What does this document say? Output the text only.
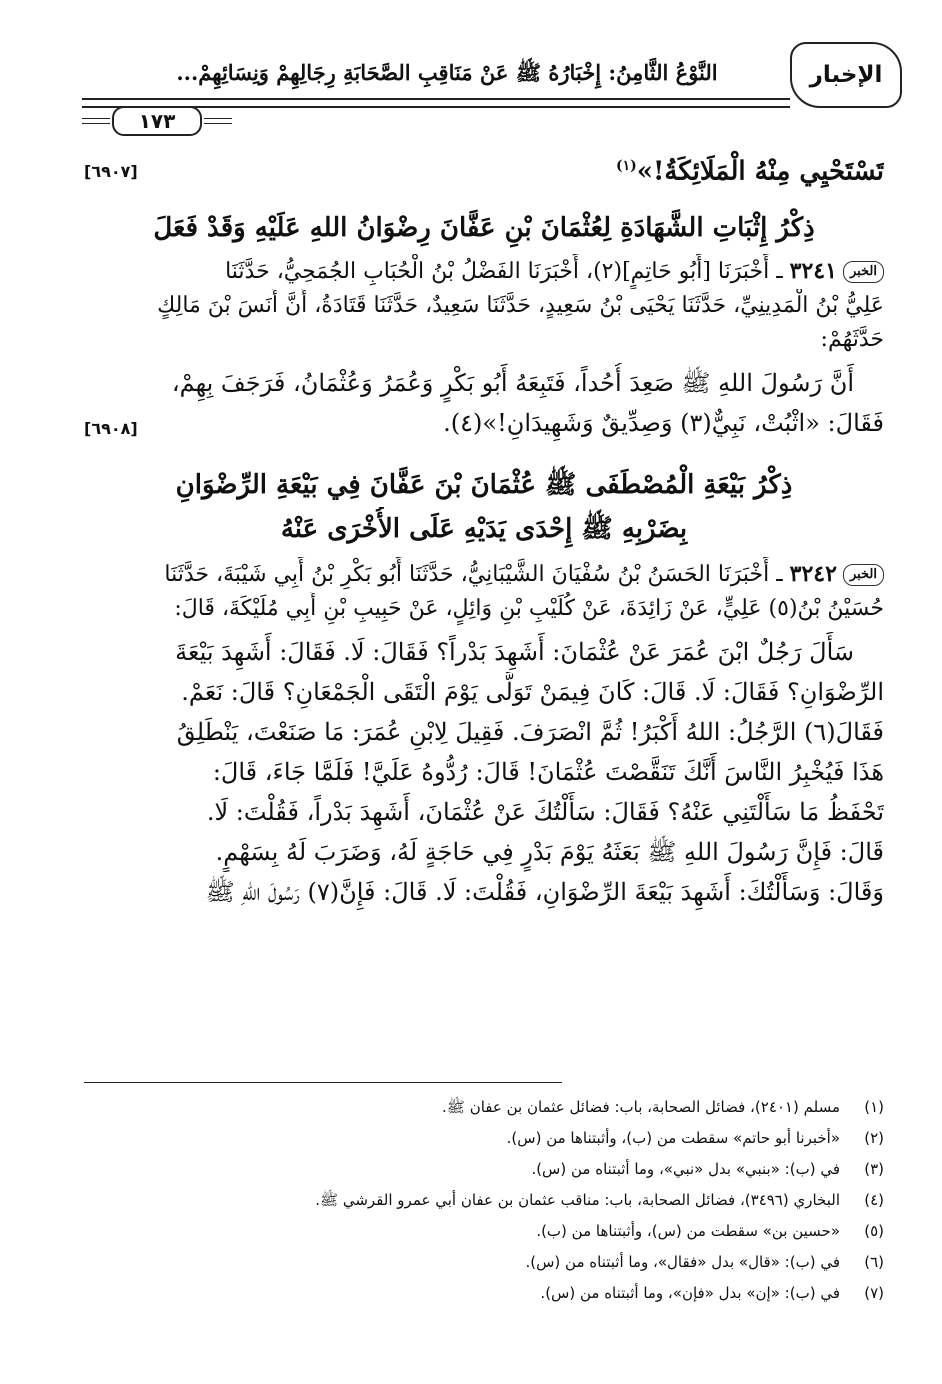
الإخبار
النَّوْعُ الثَّامِنُ: إِخْبَارُهُ ﷺ عَنْ مَنَاقِبِ الصَّحَابَةِ رِجَالِهِمْ وَنِسَائِهِمْ...
١٧٣
[٦٩٠٧]	تَسْتَحْيِي مِنْهُ الْمَلَائِكَةُ!»$^{(١)}$
ذِكْرُ إِثْبَاتِ الشَّهَادَةِ لِعُثْمَانَ بْنِ عَفَّانَ رِضْوَانُ اللهِ عَلَيْهِ وَقَدْ فَعَلَ
الخبر٣٢٤١ ـ أَخْبَرَنَا [أَبُو حَاتِمٍ](٢)، أَخْبَرَنَا الفَضْلُ بْنُ الْحُبَابِ الجُمَحِيُّ، حَدَّثَنَا
عَلِيُّ بْنُ الْمَدِينِيِّ، حَدَّثَنَا يَحْيَى بْنُ سَعِيدٍ، حَدَّثَنَا سَعِيدٌ، حَدَّثَنَا قَتَادَةُ، أَنَّ أَنَسَ بْنَ مَالِكٍ
حَدَّثَهُمْ:
أَنَّ رَسُولَ اللهِ ﷺ صَعِدَ أُحُداً، فَتَبِعَهُ أَبُو بَكْرٍ وَعُمَرُ وَعُثْمَانُ، فَرَجَفَ بِهِمْ،
[٦٩٠٨]	فَقَالَ: «اثْبُتْ، نَبِيٌّ(٣) وَصِدِّيقٌ وَشَهِيدَانِ!»(٤).
ذِكْرُ بَيْعَةِ الْمُصْطَفَى ﷺ عُثْمَانَ بْنَ عَفَّانَ فِي بَيْعَةِ الرِّضْوَانِ
بِضَرْبِهِ ﷺ إِحْدَى يَدَيْهِ عَلَى الأُخْرَى عَنْهُ
الخبر٣٢٤٢ ـ أَخْبَرَنَا الحَسَنُ بْنُ سُفْيَانَ الشَّيْبَانِيُّ، حَدَّثَنَا أَبُو بَكْرِ بْنُ أَبِي شَيْبَةَ، حَدَّثَنَا
حُسَيْنُ بْنُ(٥) عَلِيٍّ، عَنْ زَائِدَةَ، عَنْ كُلَيْبِ بْنِ وَائِلٍ، عَنْ حَبِيبِ بْنِ أَبِي مُلَيْكَةَ، قَالَ:
سَأَلَ رَجُلٌ ابْنَ عُمَرَ عَنْ عُثْمَانَ: أَشَهِدَ بَدْراً؟ فَقَالَ: لَا. فَقَالَ: أَشَهِدَ بَيْعَةَ
الرِّضْوَانِ؟ فَقَالَ: لَا. قَالَ: كَانَ فِيمَنْ تَوَلَّى يَوْمَ الْتَقَى الْجَمْعَانِ؟ قَالَ: نَعَمْ.
فَقَالَ(٦) الرَّجُلُ: اللهُ أَكْبَرُ! ثُمَّ انْصَرَفَ. فَقِيلَ لِابْنِ عُمَرَ: مَا صَنَعْتَ، يَنْطَلِقُ
هَذَا فَيُخْبِرُ النَّاسَ أَنَّكَ تَنَقَّصْتَ عُثْمَانَ! قَالَ: رُدُّوهُ عَلَيَّ! فَلَمَّا جَاءَ، قَالَ:
تَحْفَظُ مَا سَأَلْتَنِي عَنْهُ؟ فَقَالَ: سَأَلْتُكَ عَنْ عُثْمَانَ، أَشَهِدَ بَدْراً، فَقُلْتَ: لَا.
قَالَ: فَإِنَّ رَسُولَ اللهِ ﷺ بَعَثَهُ يَوْمَ بَدْرٍ فِي حَاجَةٍ لَهُ، وَضَرَبَ لَهُ بِسَهْمٍ.
وَقَالَ: وَسَأَلْتُكَ: أَشَهِدَ بَيْعَةَ الرِّضْوَانِ، فَقُلْتَ: لَا. قَالَ: فَإِنَّ(٧) رَسُولَ اللهِ ﷺ
(١)مسلم (٢٤٠١)، فضائل الصحابة، باب: فضائل عثمان بن عفان ﷺ.
(٢)«أخبرنا أبو حاتم» سقطت من (ب)، وأثبتناها من (س).
(٣)في (ب): «بنبي» بدل «نبي»، وما أثبتناه من (س).
(٤)البخاري (٣٤٩٦)، فضائل الصحابة، باب: مناقب عثمان بن عفان أبي عمرو القرشي ﷺ.
(٥)«حسين بن» سقطت من (س)، وأثبتناها من (ب).
(٦)في (ب): «قال» بدل «فقال»، وما أثبتناه من (س).
(٧)في (ب): «إن» بدل «فإن»، وما أثبتناه من (س).
